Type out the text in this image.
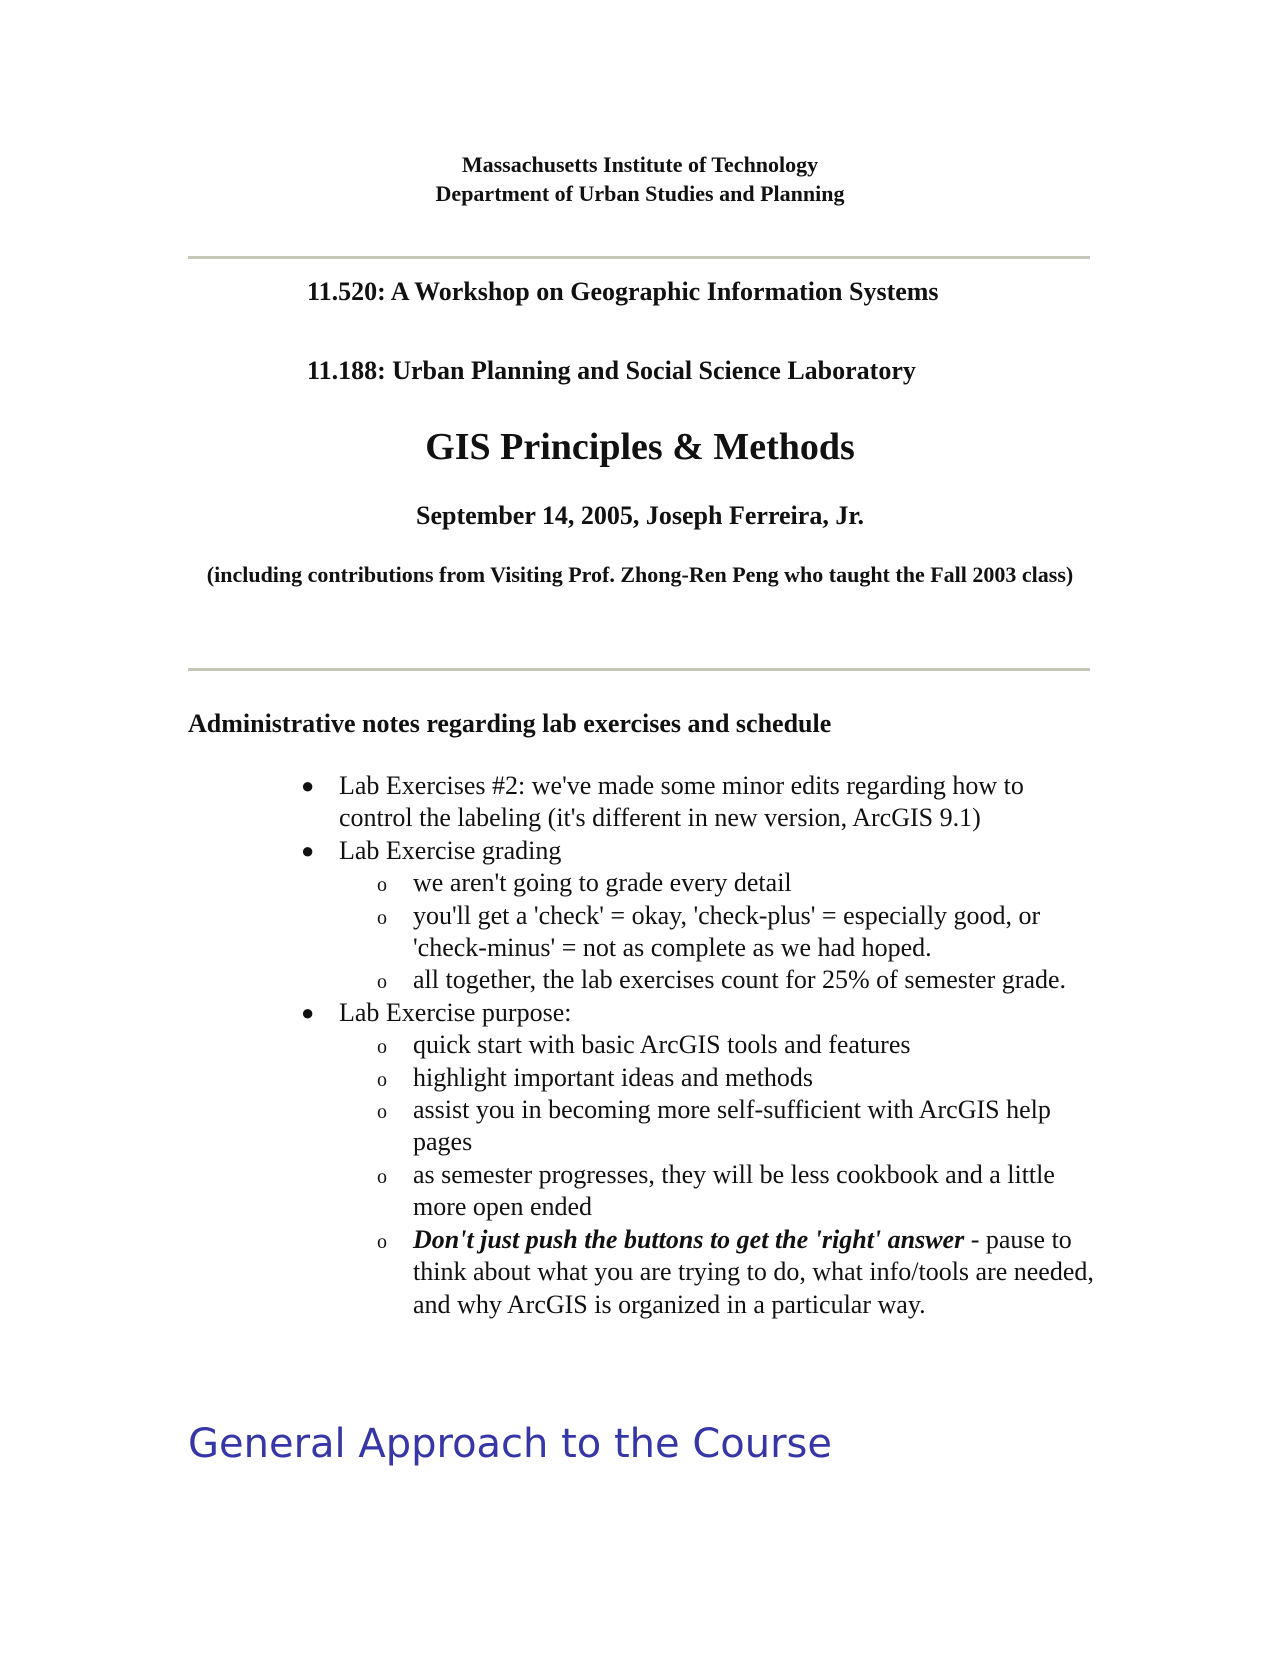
Massachusetts Institute of Technology
Department of Urban Studies and Planning
11.520: A Workshop on Geographic Information Systems
11.188: Urban Planning and Social Science Laboratory
GIS Principles & Methods
September 14, 2005, Joseph Ferreira, Jr.
(including contributions from Visiting Prof. Zhong-Ren Peng who taught the Fall 2003 class)
Administrative notes regarding lab exercises and schedule
● Lab Exercises #2: we've made some minor edits regarding how to control the labeling (it's different in new version, ArcGIS 9.1)
● Lab Exercise grading
o we aren't going to grade every detail
o you'll get a 'check' = okay, 'check-plus' = especially good, or 'check-minus' = not as complete as we had hoped.
o all together, the lab exercises count for 25% of semester grade.
● Lab Exercise purpose:
o quick start with basic ArcGIS tools and features
o highlight important ideas and methods
o assist you in becoming more self-sufficient with ArcGIS help pages
o as semester progresses, they will be less cookbook and a little more open ended
o Don't just push the buttons to get the 'right' answer - pause to think about what you are trying to do, what info/tools are needed, and why ArcGIS is organized in a particular way.
General Approach to the Course
